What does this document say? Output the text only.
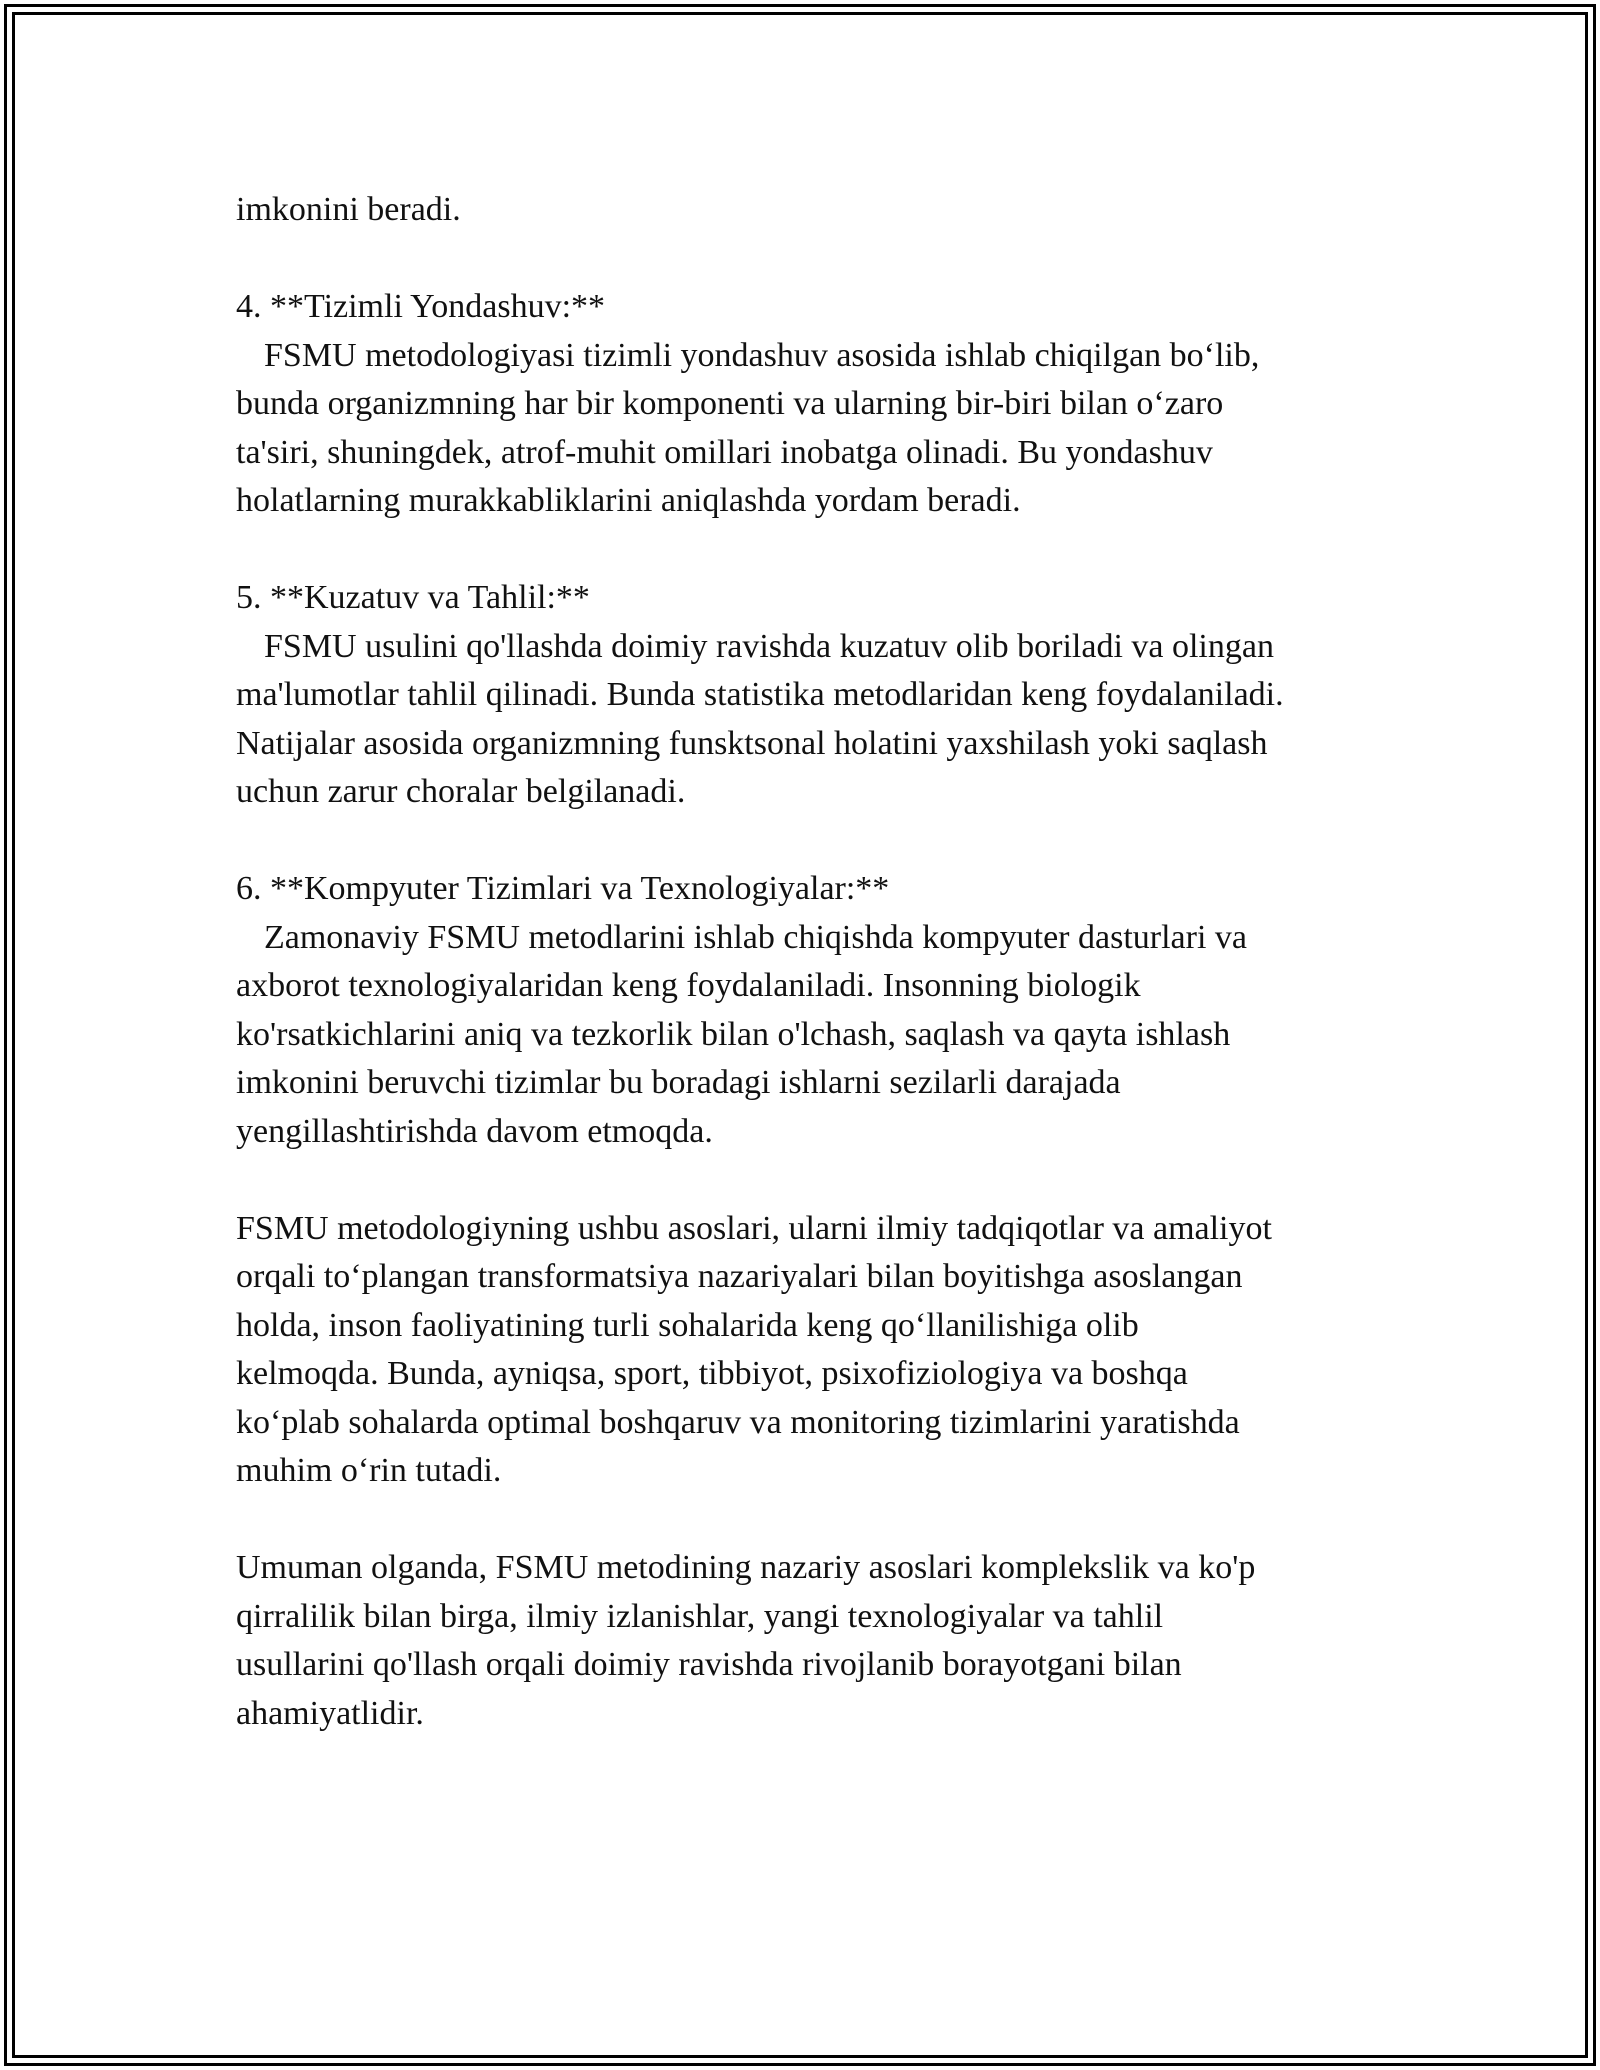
imkonini beradi.

4. **Tizimli Yondashuv:**

FSMU metodologiyasi tizimli yondashuv asosida ishlab chiqilgan bo‘lib,

bunda organizmning har bir komponenti va ularning bir-biri bilan o‘zaro

ta'siri, shuningdek, atrof-muhit omillari inobatga olinadi. Bu yondashuv

holatlarning murakkabliklarini aniqlashda yordam beradi.

5. **Kuzatuv va Tahlil:**

FSMU usulini qo'llashda doimiy ravishda kuzatuv olib boriladi va olingan

ma'lumotlar tahlil qilinadi. Bunda statistika metodlaridan keng foydalaniladi.

Natijalar asosida organizmning funsktsonal holatini yaxshilash yoki saqlash

uchun zarur choralar belgilanadi.

6. **Kompyuter Tizimlari va Texnologiyalar:**

Zamonaviy FSMU metodlarini ishlab chiqishda kompyuter dasturlari va

axborot texnologiyalaridan keng foydalaniladi. Insonning biologik

ko'rsatkichlarini aniq va tezkorlik bilan o'lchash, saqlash va qayta ishlash

imkonini beruvchi tizimlar bu boradagi ishlarni sezilarli darajada

yengillashtirishda davom etmoqda.

FSMU metodologiyning ushbu asoslari, ularni ilmiy tadqiqotlar va amaliyot

orqali to‘plangan transformatsiya nazariyalari bilan boyitishga asoslangan

holda, inson faoliyatining turli sohalarida keng qo‘llanilishiga olib

kelmoqda. Bunda, ayniqsa, sport, tibbiyot, psixofiziologiya va boshqa

ko‘plab sohalarda optimal boshqaruv va monitoring tizimlarini yaratishda

muhim o‘rin tutadi.

Umuman olganda, FSMU metodining nazariy asoslari komplekslik va ko'p

qirralilik bilan birga, ilmiy izlanishlar, yangi texnologiyalar va tahlil

usullarini qo'llash orqali doimiy ravishda rivojlanib borayotgani bilan

ahamiyatlidir.
